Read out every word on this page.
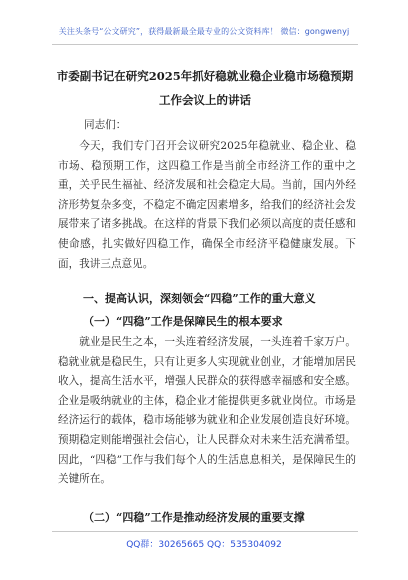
关注头条号“公文研究”，获得最新最全最专业的公文资料库！ 微信：gongwenyj
市委副书记在研究2025年抓好稳就业稳企业稳市场稳预期
工作会议上的讲话
同志们：
今天，我们专门召开会议研究2025年稳就业、稳企业、稳市场、稳预期工作，这四稳工作是当前全市经济工作的重中之重，关乎民生福祉、经济发展和社会稳定大局。当前，国内外经济形势复杂多变，不稳定不确定因素增多，给我们的经济社会发展带来了诸多挑战。在这样的背景下我们必须以高度的责任感和使命感，扎实做好四稳工作，确保全市经济平稳健康发展。下面，我讲三点意见。
一、提高认识，深刻领会“四稳”工作的重大意义
（一）“四稳”工作是保障民生的根本要求
就业是民生之本，一头连着经济发展，一头连着千家万户。稳就业就是稳民生，只有让更多人实现就业创业，才能增加居民收入，提高生活水平，增强人民群众的获得感幸福感和安全感。企业是吸纳就业的主体，稳企业才能提供更多就业岗位。市场是经济运行的载体，稳市场能够为就业和企业发展创造良好环境。预期稳定则能增强社会信心，让人民群众对未来生活充满希望。因此，“四稳”工作与我们每个人的生活息息相关，是保障民生的关键所在。
（二）“四稳”工作是推动经济发展的重要支撑
QQ群：30265665 QQ：535304092
